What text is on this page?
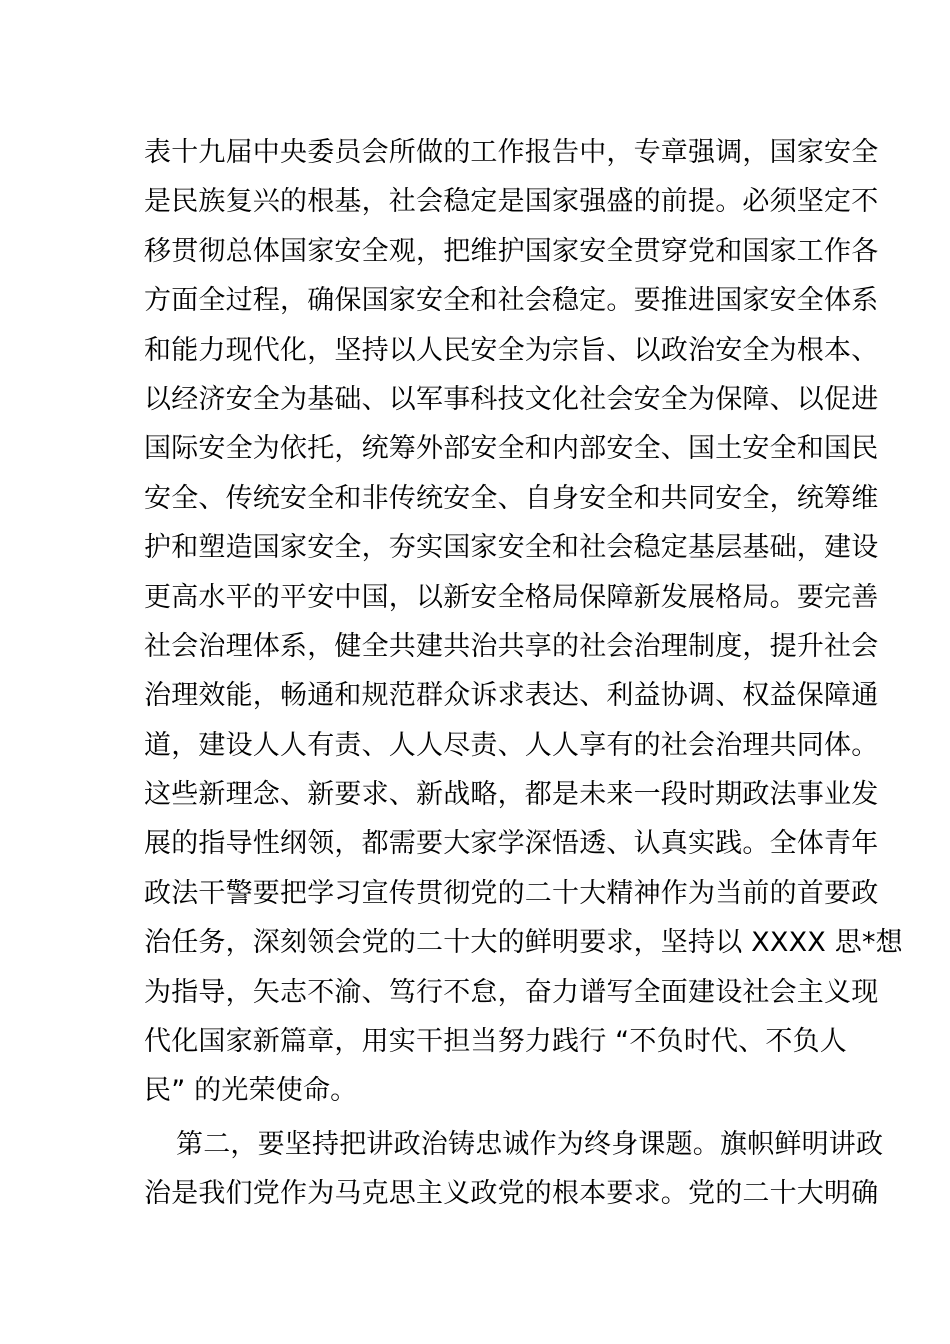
表十九届中央委员会所做的工作报告中，专章强调，国家安全
是民族复兴的根基，社会稳定是国家强盛的前提。必须坚定不
移贯彻总体国家安全观，把维护国家安全贯穿党和国家工作各
方面全过程，确保国家安全和社会稳定。要推进国家安全体系
和能力现代化，坚持以人民安全为宗旨、以政治安全为根本、
以经济安全为基础、以军事科技文化社会安全为保障、以促进
国际安全为依托，统筹外部安全和内部安全、国土安全和国民
安全、传统安全和非传统安全、自身安全和共同安全，统筹维
护和塑造国家安全，夯实国家安全和社会稳定基层基础，建设
更高水平的平安中国，以新安全格局保障新发展格局。要完善
社会治理体系，健全共建共治共享的社会治理制度，提升社会
治理效能，畅通和规范群众诉求表达、利益协调、权益保障通
道，建设人人有责、人人尽责、人人享有的社会治理共同体。
这些新理念、新要求、新战略，都是未来一段时期政法事业发
展的指导性纲领，都需要大家学深悟透、认真实践。全体青年
政法干警要把学习宣传贯彻党的二十大精神作为当前的首要政
治任务，深刻领会党的二十大的鲜明要求，坚持以 XXXX 思*想
为指导，矢志不渝、笃行不怠，奋力谱写全面建设社会主义现
代化国家新篇章，用实干担当努力践行 “不负时代、不负人
民” 的光荣使命。
第二，要坚持把讲政治铸忠诚作为终身课题。旗帜鲜明讲政
治是我们党作为马克思主义政党的根本要求。党的二十大明确
